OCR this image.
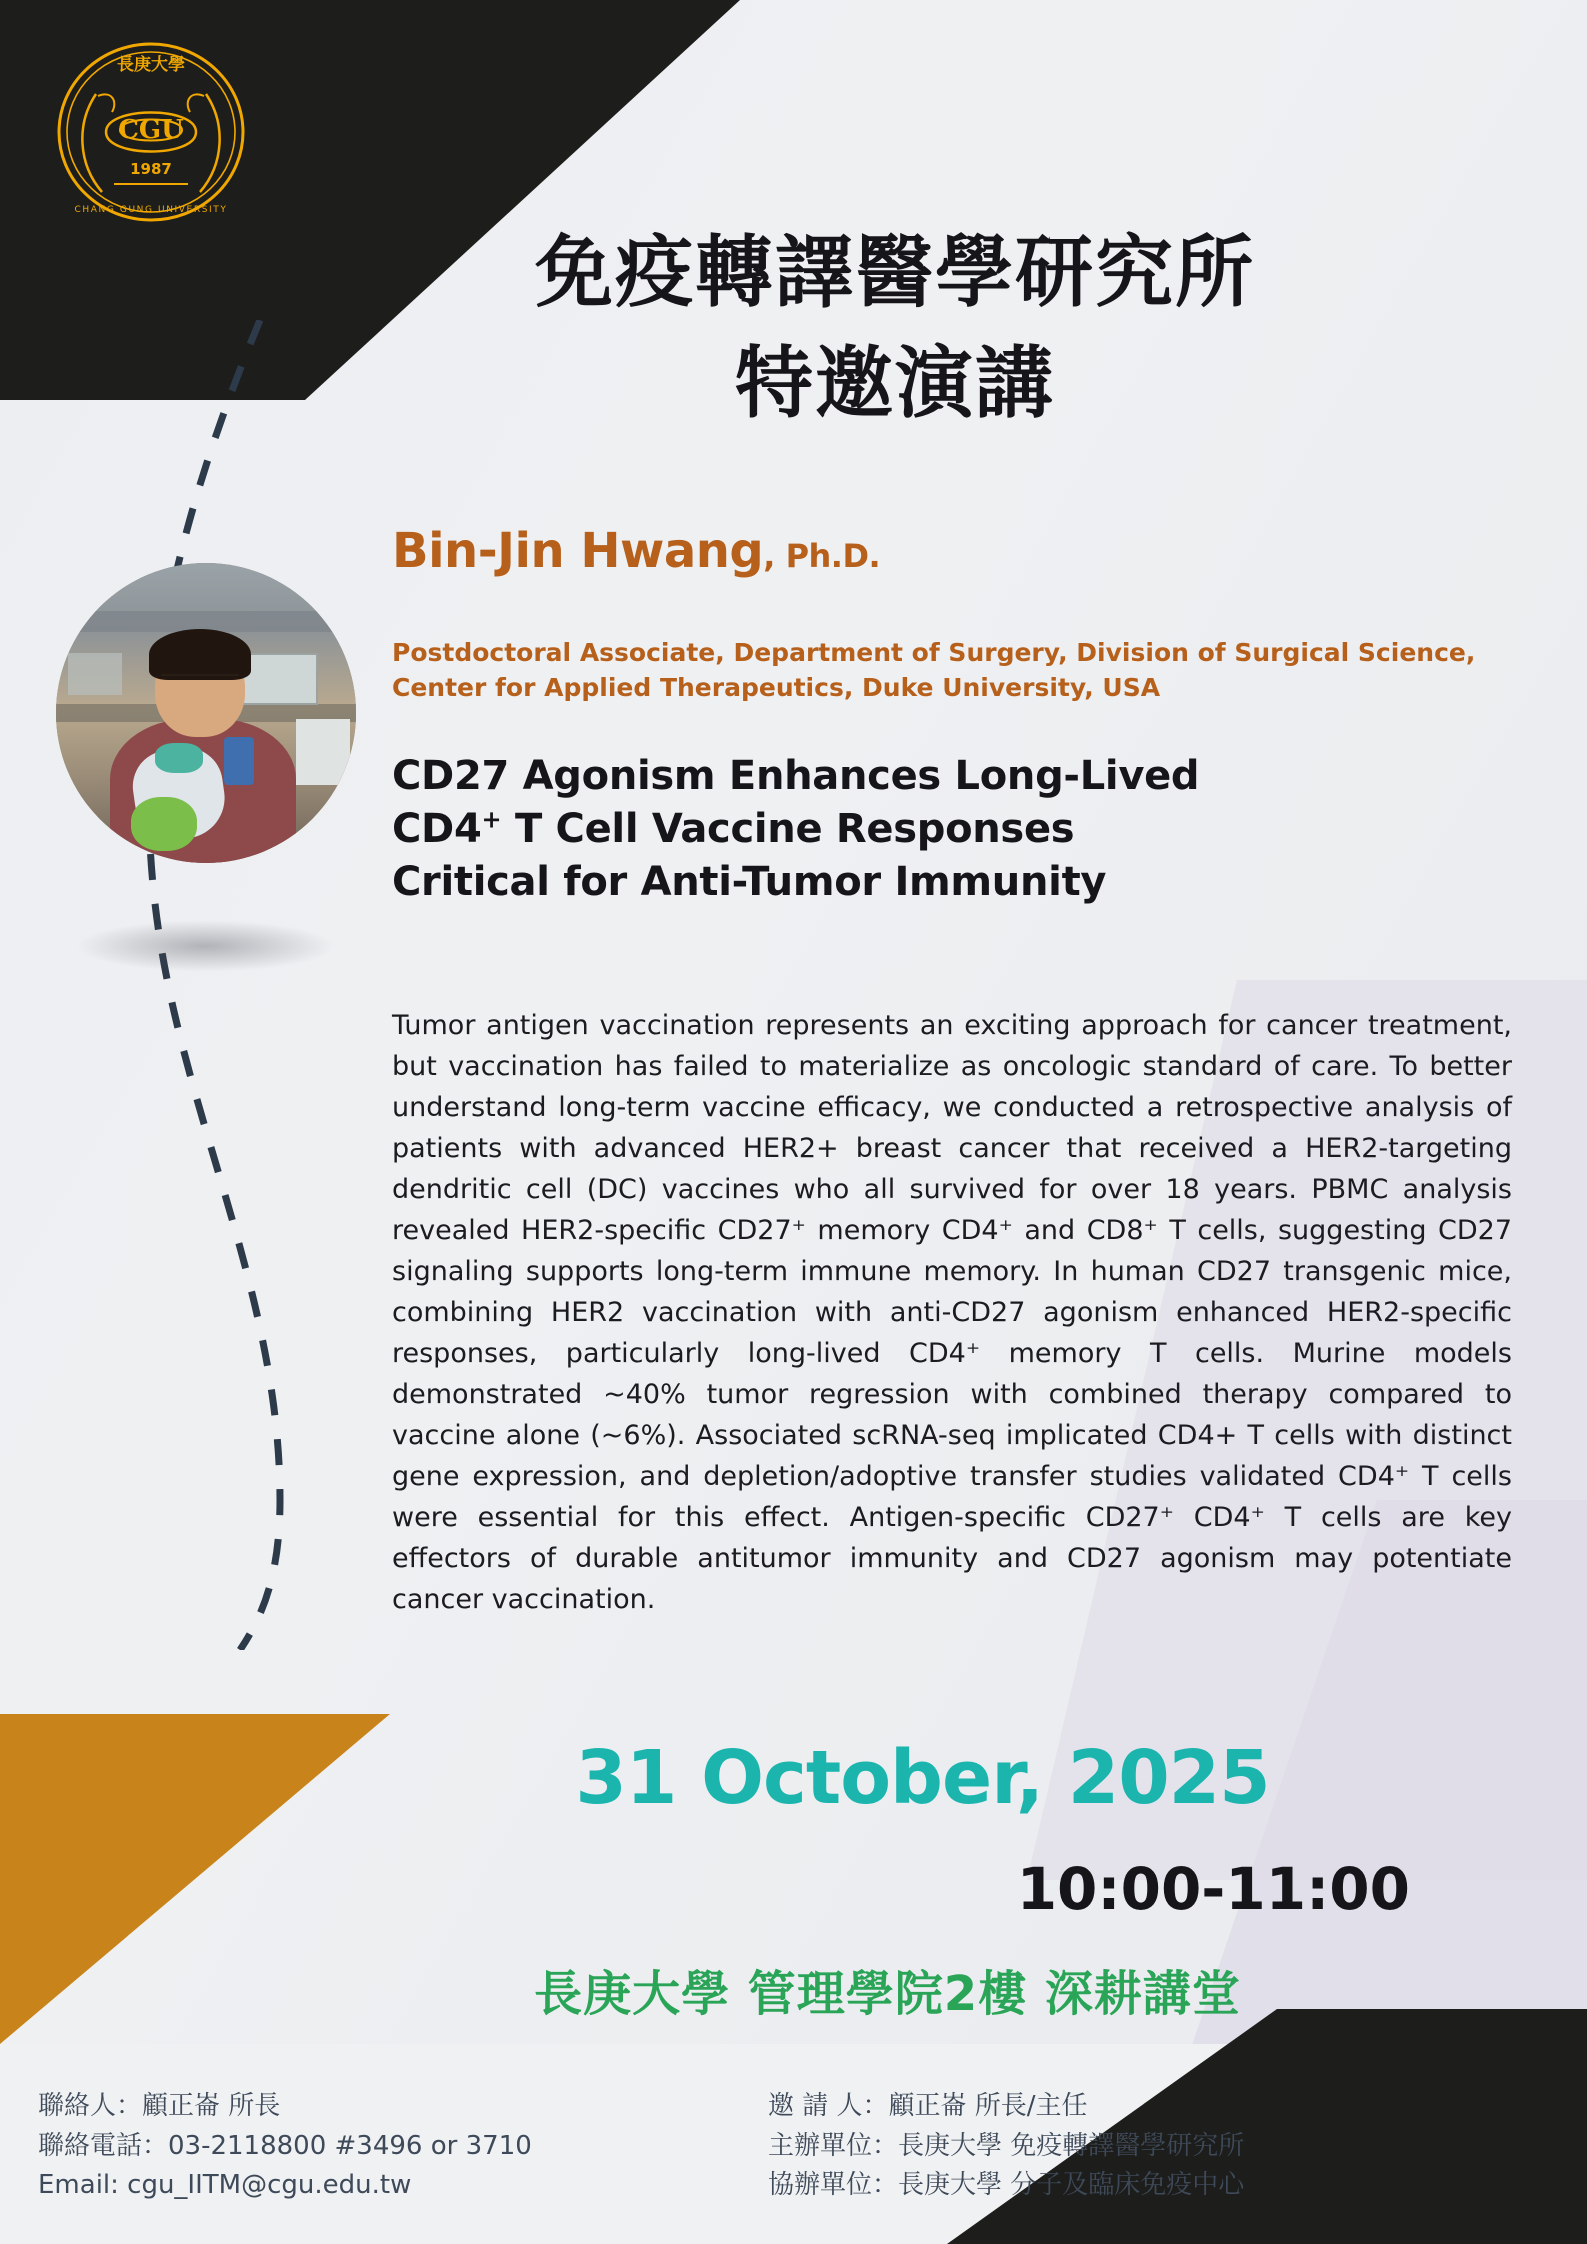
CGU
1987
長庚大學
CHANG GUNG UNIVERSITY
免疫轉譯醫學研究所
特邀演講
Bin-Jin Hwang, Ph.D.
Postdoctoral Associate, Department of Surgery, Division of Surgical Science, Center for Applied Therapeutics, Duke University, USA
CD27 Agonism Enhances Long-Lived
CD4+ T Cell Vaccine Responses
Critical for Anti-Tumor Immunity
Tumor antigen vaccination represents an exciting approach for cancer treatment, but vaccination has failed to materialize as oncologic standard of care. To better understand long-term vaccine efficacy, we conducted a retrospective analysis of patients with advanced HER2+ breast cancer that received a HER2-targeting dendritic cell (DC) vaccines who all survived for over 18 years. PBMC analysis revealed HER2-specific CD27⁺ memory CD4⁺ and CD8⁺ T cells, suggesting CD27 signaling supports long-term immune memory. In human CD27 transgenic mice, combining HER2 vaccination with anti-CD27 agonism enhanced HER2-specific responses, particularly long-lived CD4⁺ memory T cells. Murine models demonstrated ~40% tumor regression with combined therapy compared to vaccine alone (~6%). Associated scRNA-seq implicated CD4+ T cells with distinct gene expression, and depletion/adoptive transfer studies validated CD4⁺ T cells were essential for this effect. Antigen-specific CD27⁺ CD4⁺ T cells are key effectors of durable antitumor immunity and CD27 agonism may potentiate cancer vaccination.
31 October, 2025
10:00-11:00
長庚大學 管理學院2樓 深耕講堂
聯絡人：顧正崙 所長
聯絡電話：03-2118800 #3496 or 3710
Email: cgu_IITM@cgu.edu.tw
邀 請 人：顧正崙 所長/主任
主辦單位：長庚大學 免疫轉譯醫學研究所
協辦單位：長庚大學 分子及臨床免疫中心
